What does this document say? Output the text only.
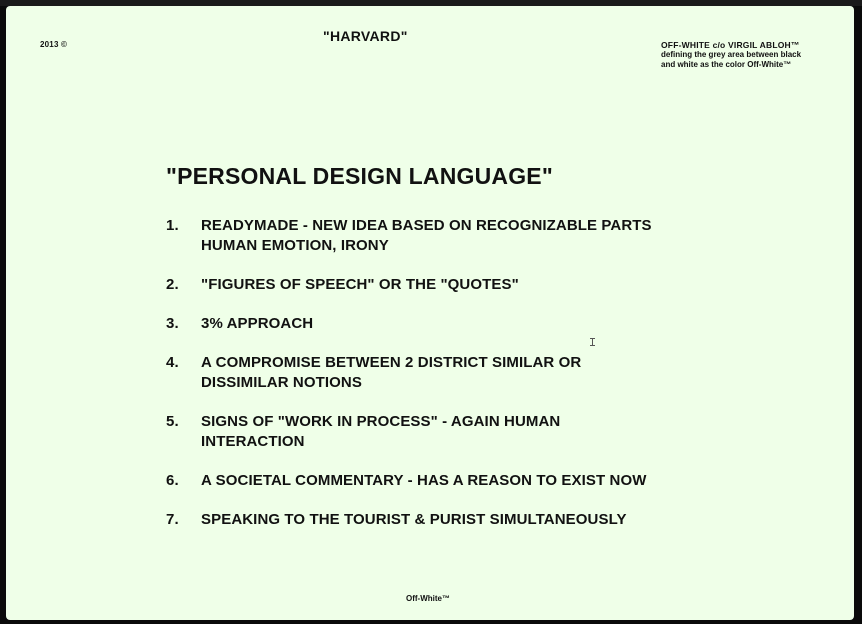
2013 ©
"HARVARD"
OFF-WHITE c/o VIRGIL ABLOH™
defining the grey area between black
and white as the color Off-White™
"PERSONAL DESIGN LANGUAGE"
1.	READYMADE - NEW IDEA BASED ON RECOGNIZABLE PARTS
HUMAN EMOTION, IRONY
2.	"FIGURES OF SPEECH" OR THE "QUOTES"
3.	3% APPROACH
4.	A COMPROMISE BETWEEN 2 DISTRICT SIMILAR OR
DISSIMILAR NOTIONS
5.	SIGNS OF "WORK IN PROCESS" - AGAIN HUMAN
INTERACTION
6.	A SOCIETAL COMMENTARY - HAS A REASON TO EXIST NOW
7.	SPEAKING TO THE TOURIST & PURIST SIMULTANEOUSLY
Off-White™
